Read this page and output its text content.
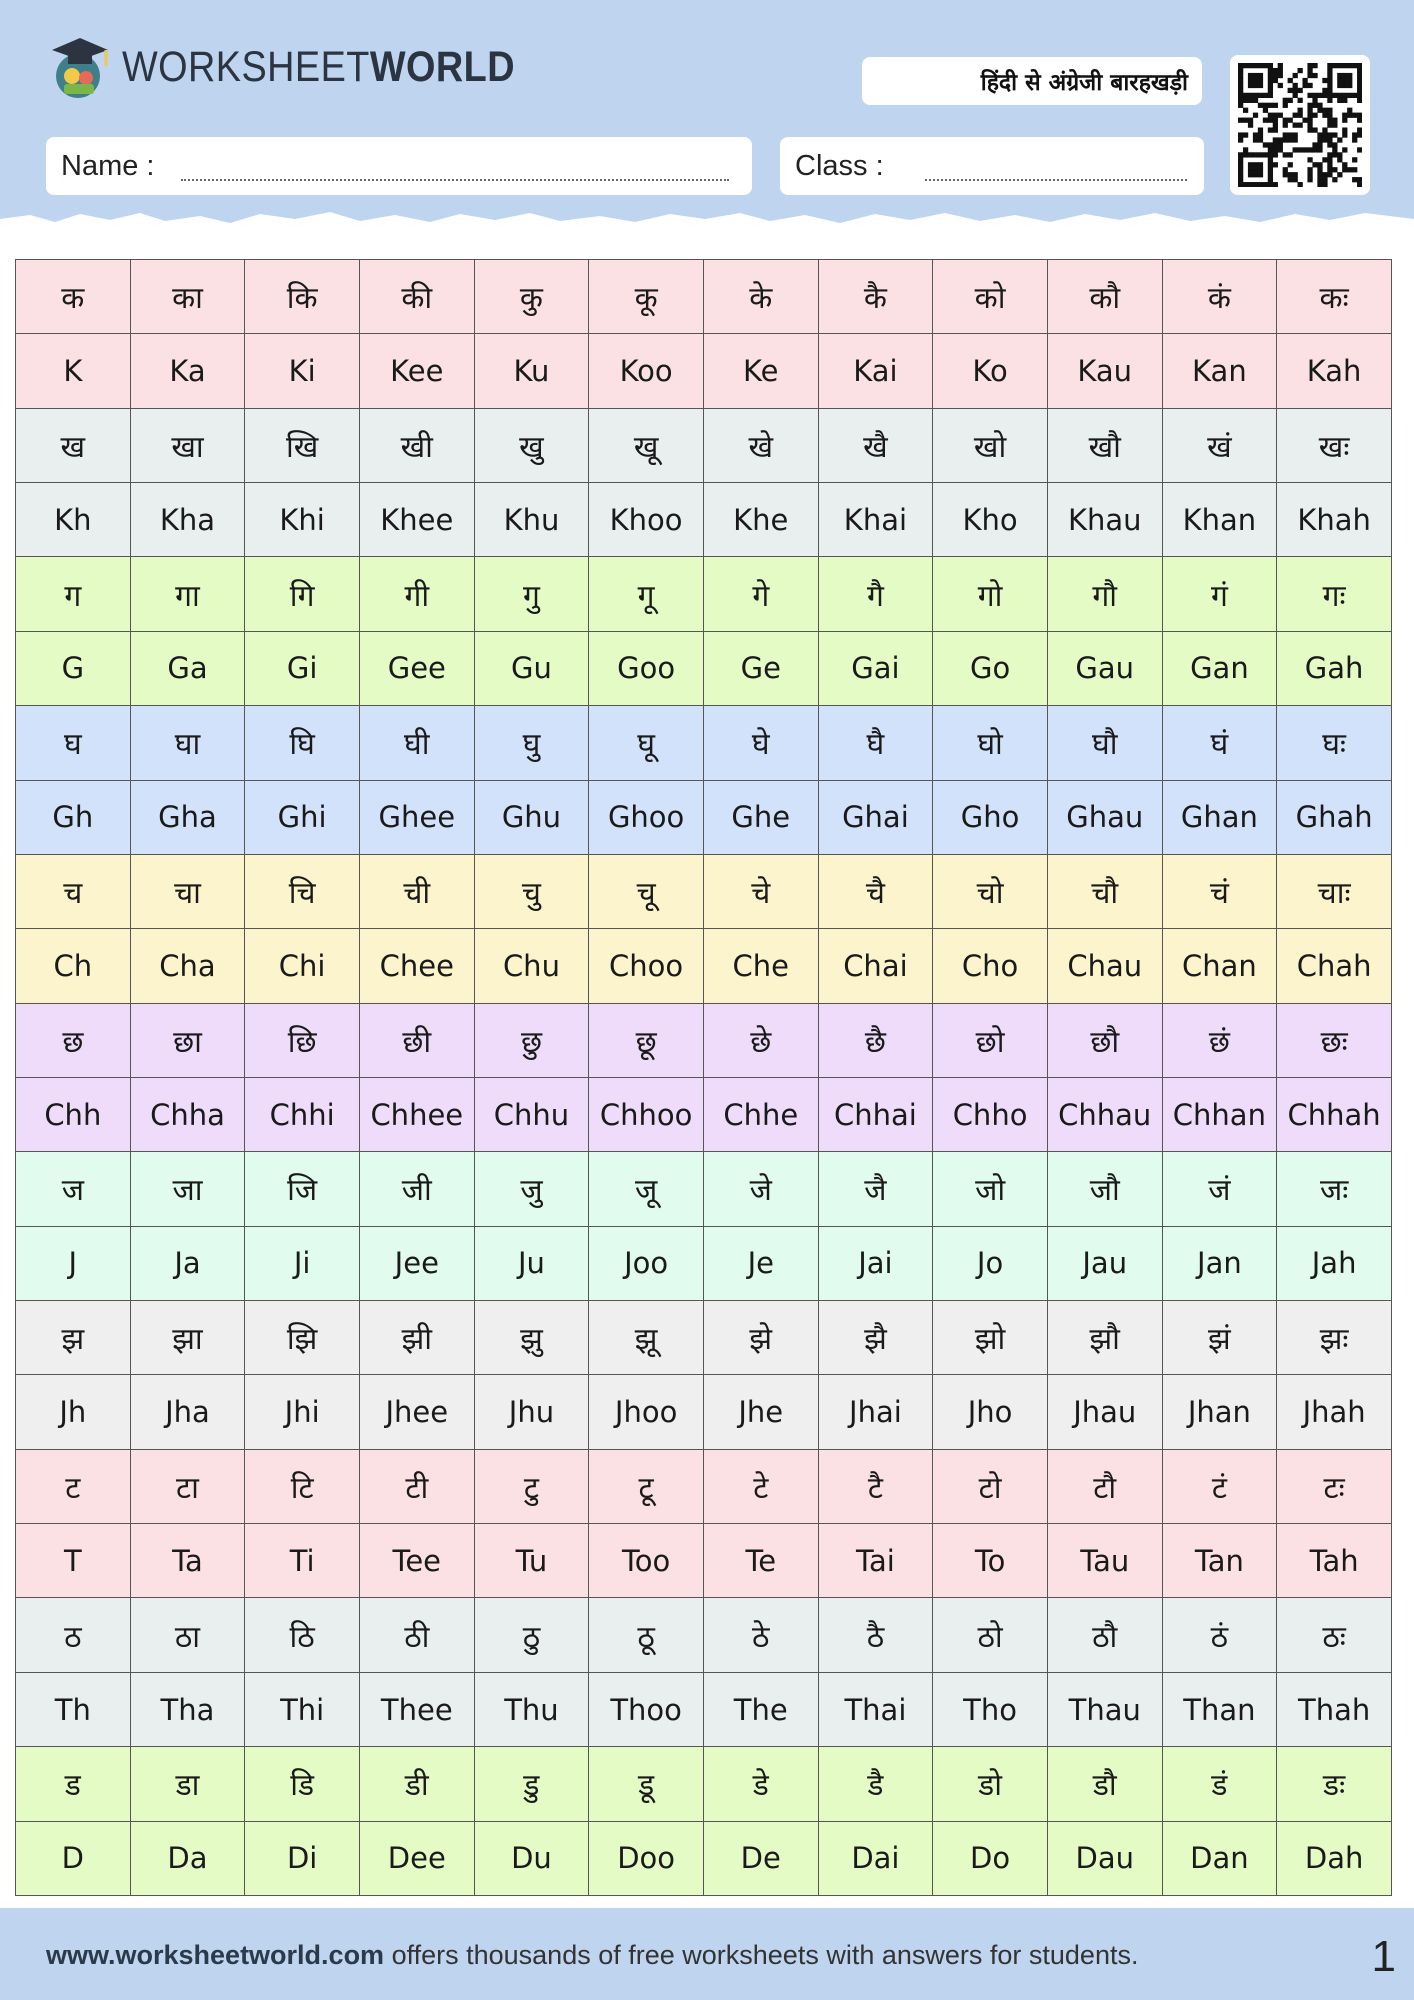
WORKSHEETWORLD	हिंदी से अंग्रेजी बारहखड़ी
Name :	Class :
क	का	कि	की	कु	कू	के	कै	को	कौ	कं	कः
K	Ka	Ki	Kee	Ku	Koo	Ke	Kai	Ko	Kau	Kan	Kah
ख	खा	खि	खी	खु	खू	खे	खै	खो	खौ	खं	खः
Kh	Kha	Khi	Khee	Khu	Khoo	Khe	Khai	Kho	Khau	Khan	Khah
ग	गा	गि	गी	गु	गू	गे	गै	गो	गौ	गं	गः
G	Ga	Gi	Gee	Gu	Goo	Ge	Gai	Go	Gau	Gan	Gah
घ	घा	घि	घी	घु	घू	घे	घै	घो	घौ	घं	घः
Gh	Gha	Ghi	Ghee	Ghu	Ghoo	Ghe	Ghai	Gho	Ghau	Ghan	Ghah
च	चा	चि	ची	चु	चू	चे	चै	चो	चौ	चं	चाः
Ch	Cha	Chi	Chee	Chu	Choo	Che	Chai	Cho	Chau	Chan	Chah
छ	छा	छि	छी	छु	छू	छे	छै	छो	छौ	छं	छः
Chh	Chha	Chhi	Chhee	Chhu	Chhoo	Chhe	Chhai	Chho	Chhau	Chhan	Chhah
ज	जा	जि	जी	जु	जू	जे	जै	जो	जौ	जं	जः
J	Ja	Ji	Jee	Ju	Joo	Je	Jai	Jo	Jau	Jan	Jah
झ	झा	झि	झी	झु	झू	झे	झै	झो	झौ	झं	झः
Jh	Jha	Jhi	Jhee	Jhu	Jhoo	Jhe	Jhai	Jho	Jhau	Jhan	Jhah
ट	टा	टि	टी	टु	टू	टे	टै	टो	टौ	टं	टः
T	Ta	Ti	Tee	Tu	Too	Te	Tai	To	Tau	Tan	Tah
ठ	ठा	ठि	ठी	ठु	ठू	ठे	ठै	ठो	ठौ	ठं	ठः
Th	Tha	Thi	Thee	Thu	Thoo	The	Thai	Tho	Thau	Than	Thah
ड	डा	डि	डी	डु	डू	डे	डै	डो	डौ	डं	डः
D	Da	Di	Dee	Du	Doo	De	Dai	Do	Dau	Dan	Dah
www.worksheetworld.com offers thousands of free worksheets with answers for students.	1
